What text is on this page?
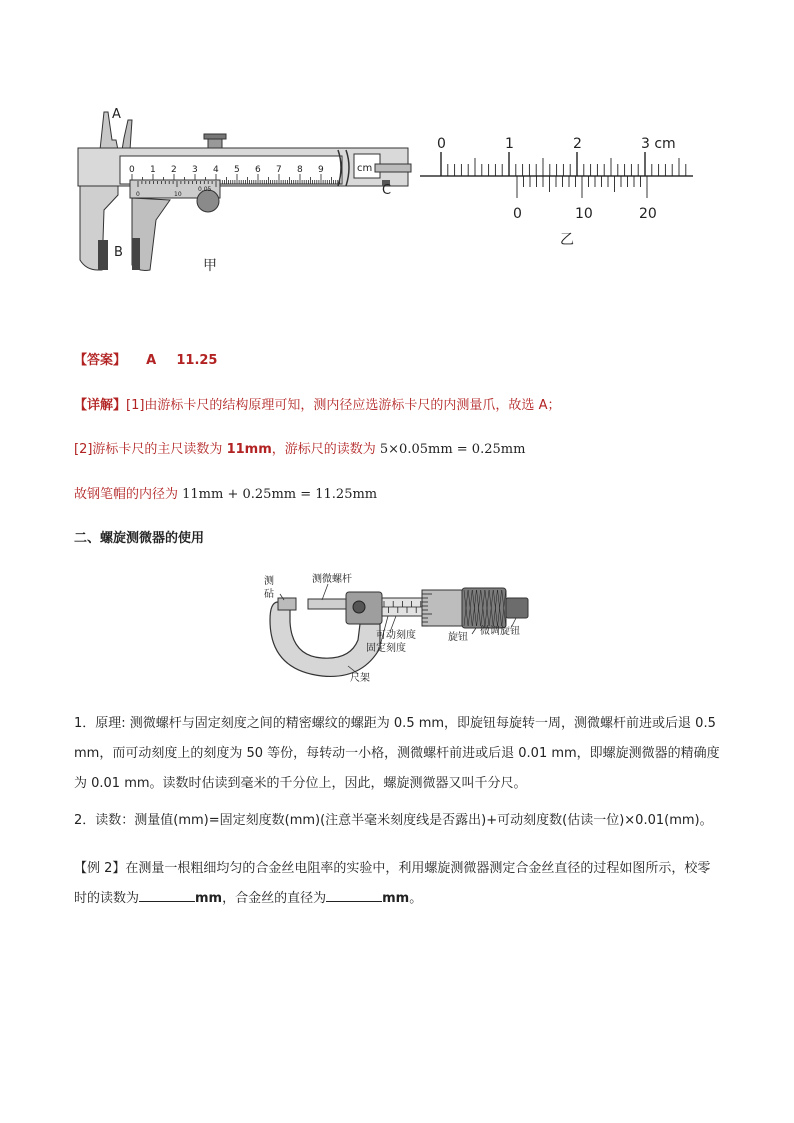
0 1 2 3 4 5 6 7 8 9
0	10
A
B
C
cm
0.05
甲
0	1	2	3 cm
0	10	20
乙
【答案】 A 11.25
【详解】[1]由游标卡尺的结构原理可知，测内径应选游标卡尺的内测量爪，故选 A；
[2]游标卡尺的主尺读数为 11mm，游标尺的读数为 5×0.05mm = 0.25mm
故钢笔帽的内径为 11mm + 0.25mm = 11.25mm
二、螺旋测微器的使用
测
砧
测微螺杆
可动刻度
固定刻度
旋钮
微调旋钮
尺架
1．原理: 测微螺杆与固定刻度之间的精密螺纹的螺距为 0.5 mm，即旋钮每旋转一周，测微螺杆前进或后退 0.5 mm，而可动刻度上的刻度为 50 等份，每转动一小格，测微螺杆前进或后退 0.01 mm，即螺旋测微器的精确度为 0.01 mm。读数时估读到毫米的千分位上，因此，螺旋测微器又叫千分尺。
2．读数：测量值(mm)=固定刻度数(mm)(注意半毫米刻度线是否露出)+可动刻度数(估读一位)×0.01(mm)。
【例 2】在测量一根粗细均匀的合金丝电阻率的实验中，利用螺旋测微器测定合金丝直径的过程如图所示，校零时的读数为	mm，合金丝的直径为	mm。
